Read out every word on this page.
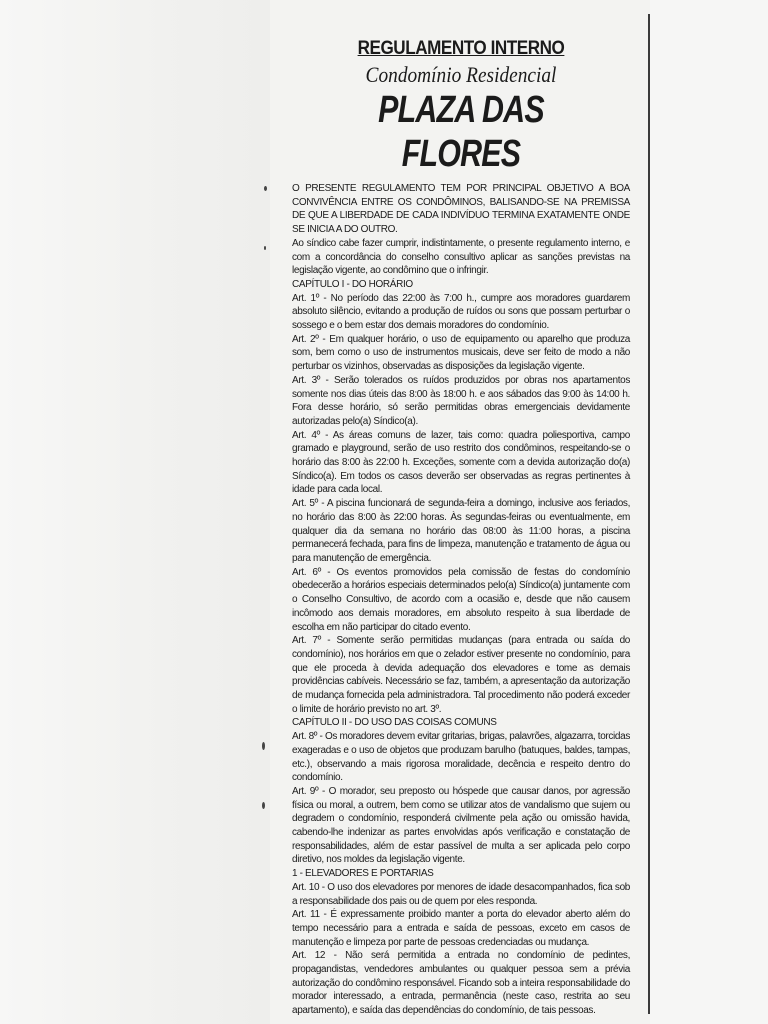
REGULAMENTO INTERNO

Condomínio Residencial

PLAZA DAS FLORES

O PRESENTE REGULAMENTO TEM POR PRINCIPAL OBJETIVO A BOA CONVIVÊNCIA ENTRE OS CONDÔMINOS, BALISANDO-SE NA PREMISSA DE QUE A LIBERDADE DE CADA INDIVÍDUO TERMINA EXATAMENTE ONDE SE INICIA A DO OUTRO.

Ao síndico cabe fazer cumprir, indistintamente, o presente regulamento interno, e com a concordância do conselho consultivo aplicar as sanções previstas na legislação vigente, ao condômino que o infringir.

CAPÍTULO I - DO HORÁRIO

Art. 1º - No período das 22:00 às 7:00 h., cumpre aos moradores guardarem absoluto silêncio, evitando a produção de ruídos ou sons que possam perturbar o sossego e o bem estar dos demais moradores do condomínio.

Art. 2º - Em qualquer horário, o uso de equipamento ou aparelho que produza som, bem como o uso de instrumentos musicais, deve ser feito de modo a não perturbar os vizinhos, observadas as disposições da legislação vigente.

Art. 3º - Serão tolerados os ruídos produzidos por obras nos apartamentos somente nos dias úteis das 8:00 às 18:00 h. e aos sábados das 9:00 às 14:00 h. Fora desse horário, só serão permitidas obras emergenciais devidamente autorizadas pelo(a) Síndico(a).

Art. 4º - As áreas comuns de lazer, tais como: quadra poliesportiva, campo gramado e playground, serão de uso restrito dos condôminos, respeitando-se o horário das 8:00 às 22:00 h. Exceções, somente com a devida autorização do(a) Síndico(a). Em todos os casos deverão ser observadas as regras pertinentes à idade para cada local.

Art. 5º - A piscina funcionará de segunda-feira a domingo, inclusive aos feriados, no horário das 8:00 às 22:00 horas. Às segundas-feiras ou eventualmente, em qualquer dia da semana no horário das 08:00 às 11:00 horas, a piscina permanecerá fechada, para fins de limpeza, manutenção e tratamento de água ou para manutenção de emergência.

Art. 6º - Os eventos promovidos pela comissão de festas do condomínio obedecerão a horários especiais determinados pelo(a) Síndico(a) juntamente com o Conselho Consultivo, de acordo com a ocasião e, desde que não causem incômodo aos demais moradores, em absoluto respeito à sua liberdade de escolha em não participar do citado evento.

Art. 7º - Somente serão permitidas mudanças (para entrada ou saída do condomínio), nos horários em que o zelador estiver presente no condomínio, para que ele proceda à devida adequação dos elevadores e tome as demais providências cabíveis. Necessário se faz, também, a apresentação da autorização de mudança fornecida pela administradora. Tal procedimento não poderá exceder o limite de horário previsto no art. 3º.

CAPÍTULO II - DO USO DAS COISAS COMUNS

Art. 8º - Os moradores devem evitar gritarias, brigas, palavrões, algazarra, torcidas exageradas e o uso de objetos que produzam barulho (batuques, baldes, tampas, etc.), observando a mais rigorosa moralidade, decência e respeito dentro do condomínio.

Art. 9º - O morador, seu preposto ou hóspede que causar danos, por agressão física ou moral, a outrem, bem como se utilizar atos de vandalismo que sujem ou degradem o condomínio, responderá civilmente pela ação ou omissão havida, cabendo-lhe indenizar as partes envolvidas após verificação e constatação de responsabilidades, além de estar passível de multa a ser aplicada pelo corpo diretivo, nos moldes da legislação vigente.

1 - ELEVADORES E PORTARIAS

Art. 10 - O uso dos elevadores por menores de idade desacompanhados, fica sob a responsabilidade dos pais ou de quem por eles responda.

Art. 11 - É expressamente proibido manter a porta do elevador aberto além do tempo necessário para a entrada e saída de pessoas, exceto em casos de manutenção e limpeza por parte de pessoas credenciadas ou mudança.

Art. 12 - Não será permitida a entrada no condomínio de pedintes, propagandistas, vendedores ambulantes ou qualquer pessoa sem a prévia autorização do condômino responsável. Ficando sob a inteira responsabilidade do morador interessado, a entrada, permanência (neste caso, restrita ao seu apartamento), e saída das dependências do condomínio, de tais pessoas.
